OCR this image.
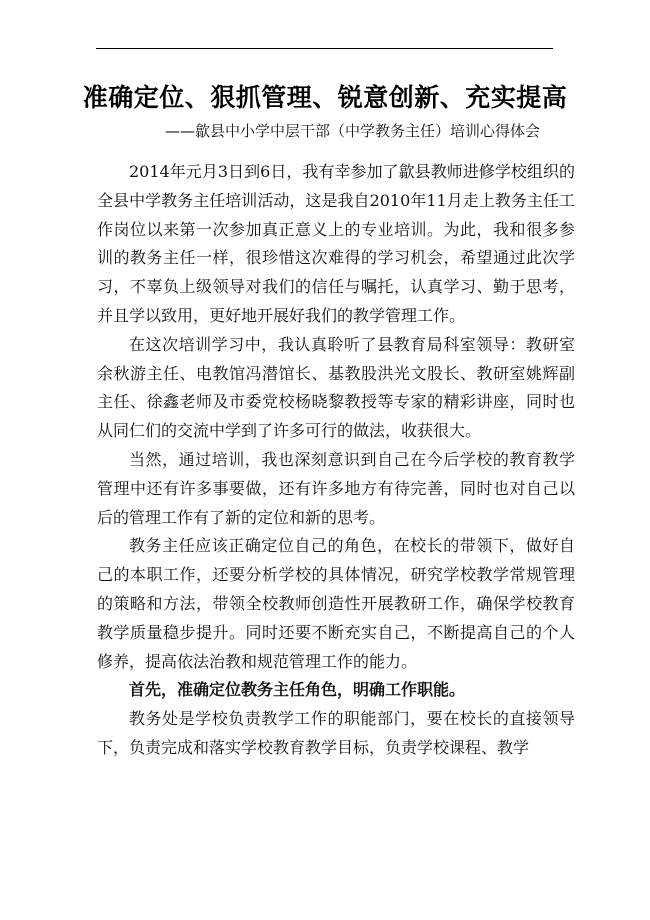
准确定位、狠抓管理、锐意创新、充实提高
——歙县中小学中层干部（中学教务主任）培训心得体会

2014年元月3日到6日，我有幸参加了歙县教师进修学校组织的全县中学教务主任培训活动，这是我自2010年11月走上教务主任工作岗位以来第一次参加真正意义上的专业培训。为此，我和很多参训的教务主任一样，很珍惜这次难得的学习机会，希望通过此次学习，不辜负上级领导对我们的信任与嘱托，认真学习、勤于思考，并且学以致用，更好地开展好我们的教学管理工作。

在这次培训学习中，我认真聆听了县教育局科室领导：教研室余秋游主任、电教馆冯潜馆长、基教股洪光文股长、教研室姚辉副主任、徐鑫老师及市委党校杨晓黎教授等专家的精彩讲座，同时也从同仁们的交流中学到了许多可行的做法，收获很大。

当然，通过培训，我也深刻意识到自己在今后学校的教育教学管理中还有许多事要做，还有许多地方有待完善，同时也对自己以后的管理工作有了新的定位和新的思考。

教务主任应该正确定位自己的角色，在校长的带领下，做好自己的本职工作，还要分析学校的具体情况，研究学校教学常规管理的策略和方法，带领全校教师创造性开展教研工作，确保学校教育教学质量稳步提升。同时还要不断充实自己，不断提高自己的个人修养，提高依法治教和规范管理工作的能力。

首先，准确定位教务主任角色，明确工作职能。

教务处是学校负责教学工作的职能部门，要在校长的直接领导下，负责完成和落实学校教育教学目标，负责学校课程、教学
